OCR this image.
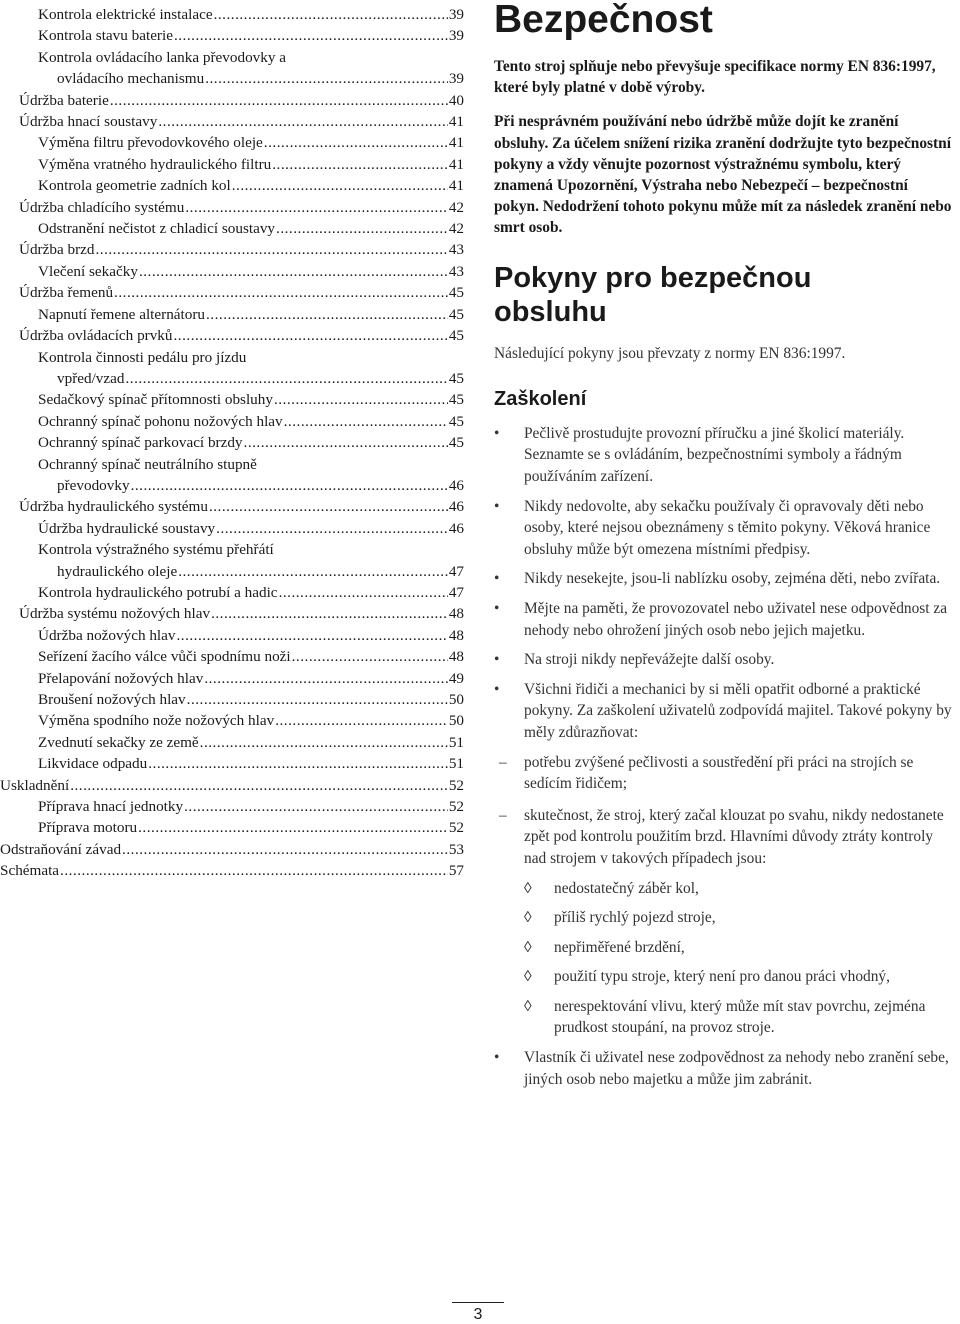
Kontrola elektrické instalace .....	39
Kontrola stavu baterie .....	39
Kontrola ovládacího lanka převodovky a
ovládacího mechanismu .....	39
Údržba baterie .....	40
Údržba hnací soustavy .....	41
Výměna filtru převodovkového oleje .....	41
Výměna vratného hydraulického filtru .....	41
Kontrola geometrie zadních kol .....	41
Údržba chladícího systému .....	42
Odstranění nečistot z chladicí soustavy .....	42
Údržba brzd .....	43
Vlečení sekačky .....	43
Údržba řemenů .....	45
Napnutí řemene alternátoru .....	45
Údržba ovládacích prvků .....	45
Kontrola činnosti pedálu pro jízdu
vpřed/vzad .....	45
Sedačkový spínač přítomnosti obsluhy .....	45
Ochranný spínač pohonu nožových hlav .....	45
Ochranný spínač parkovací brzdy .....	45
Ochranný spínač neutrálního stupně
převodovky .....	46
Údržba hydraulického systému .....	46
Údržba hydraulické soustavy .....	46
Kontrola výstražného systému přehřátí
hydraulického oleje .....	47
Kontrola hydraulického potrubí a hadic .....	47
Údržba systému nožových hlav .....	48
Údržba nožových hlav .....	48
Seřízení žacího válce vůči spodnímu noži .....	48
Přelapování nožových hlav .....	49
Broušení nožových hlav .....	50
Výměna spodního nože nožových hlav .....	50
Zvednutí sekačky ze země .....	51
Likvidace odpadu .....	51
Uskladnění .....	52
Příprava hnací jednotky .....	52
Příprava motoru .....	52
Odstraňování závad .....	53
Schémata .....	57
Bezpečnost

Tento stroj splňuje nebo převyšuje specifikace normy EN 836:1997, které byly platné v době výroby.

Při nesprávném používání nebo údržbě může dojít ke zranění obsluhy. Za účelem snížení rizika zranění dodržujte tyto bezpečnostní pokyny a vždy věnujte pozornost výstražnému symbolu, který znamená Upozornění, Výstraha nebo Nebezpečí – bezpečnostní pokyn. Nedodržení tohoto pokynu může mít za následek zranění nebo smrt osob.

Pokyny pro bezpečnou obsluhu

Následující pokyny jsou převzaty z normy EN 836:1997.

Zaškolení
• Pečlivě prostudujte provozní příručku a jiné školicí materiály. Seznamte se s ovládáním, bezpečnostními symboly a řádným používáním zařízení.
• Nikdy nedovolte, aby sekačku používaly či opravovaly děti nebo osoby, které nejsou obeznámeny s těmito pokyny. Věková hranice obsluhy může být omezena místními předpisy.
• Nikdy nesekejte, jsou-li nablízku osoby, zejména děti, nebo zvířata.
• Mějte na paměti, že provozovatel nebo uživatel nese odpovědnost za nehody nebo ohrožení jiných osob nebo jejich majetku.
• Na stroji nikdy nepřevážejte další osoby.
• Všichni řidiči a mechanici by si měli opatřit odborné a praktické pokyny. Za zaškolení uživatelů zodpovídá majitel. Takové pokyny by měly zdůrazňovat:
– potřebu zvýšené pečlivosti a soustředění při práci na strojích se sedícím řidičem;
– skutečnost, že stroj, který začal klouzat po svahu, nikdy nedostanete zpět pod kontrolu použitím brzd. Hlavními důvody ztráty kontroly nad strojem v takových případech jsou:
◊ nedostatečný záběr kol,
◊ příliš rychlý pojezd stroje,
◊ nepřiměřené brzdění,
◊ použití typu stroje, který není pro danou práci vhodný,
◊ nerespektování vlivu, který může mít stav povrchu, zejména prudkost stoupání, na provoz stroje.
• Vlastník či uživatel nese zodpovědnost za nehody nebo zranění sebe, jiných osob nebo majetku a může jim zabránit.
3
